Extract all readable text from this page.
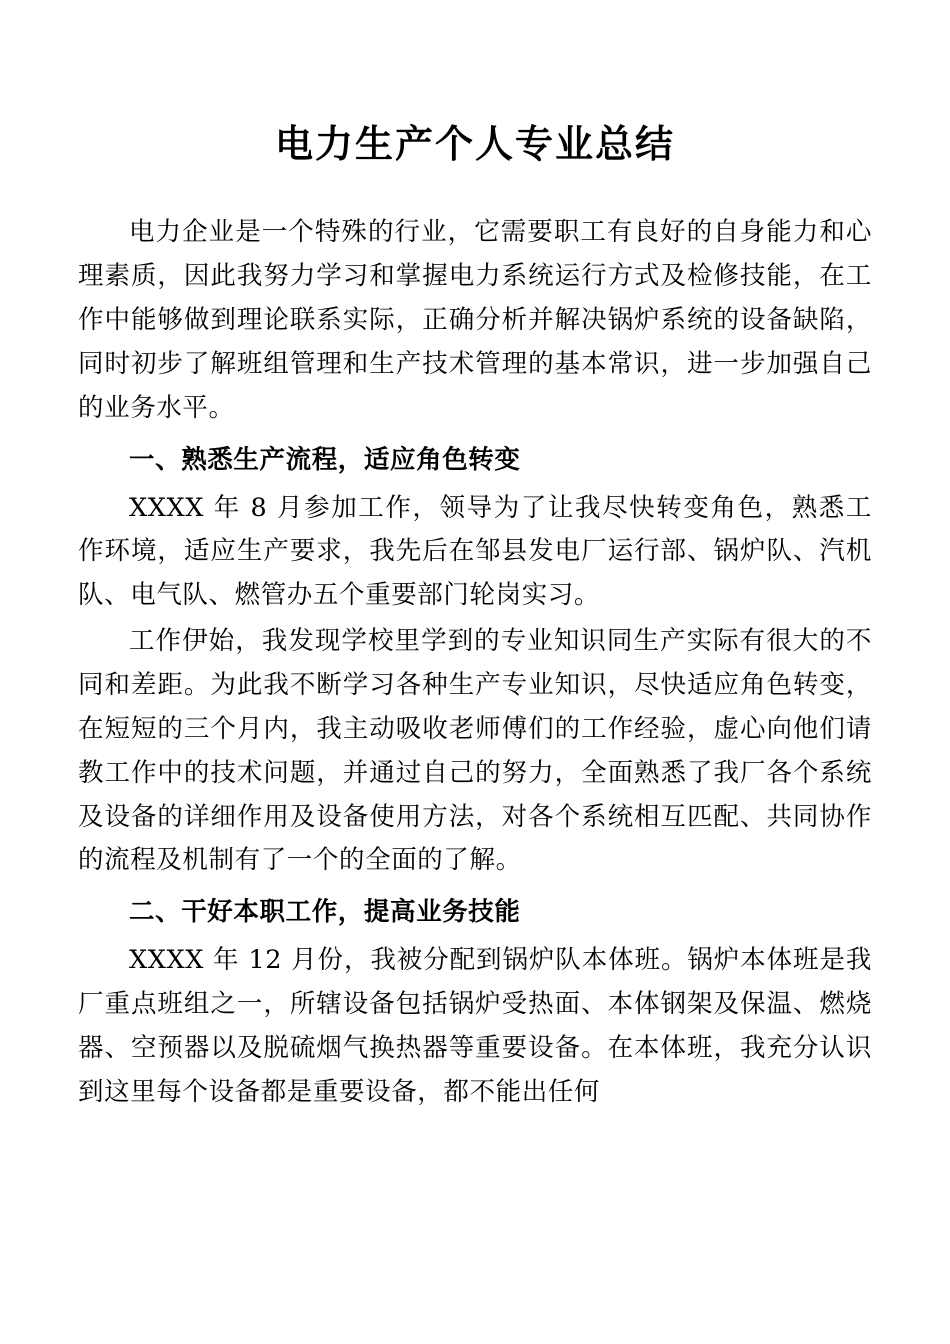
电力生产个人专业总结

电力企业是一个特殊的行业，它需要职工有良好的自身能力和心理素质，因此我努力学习和掌握电力系统运行方式及检修技能，在工作中能够做到理论联系实际，正确分析并解决锅炉系统的设备缺陷，同时初步了解班组管理和生产技术管理的基本常识，进一步加强自己的业务水平。

一、熟悉生产流程，适应角色转变

XXXX 年 8 月参加工作，领导为了让我尽快转变角色，熟悉工作环境，适应生产要求，我先后在邹县发电厂运行部、锅炉队、汽机队、电气队、燃管办五个重要部门轮岗实习。

工作伊始，我发现学校里学到的专业知识同生产实际有很大的不同和差距。为此我不断学习各种生产专业知识，尽快适应角色转变，在短短的三个月内，我主动吸收老师傅们的工作经验，虚心向他们请教工作中的技术问题，并通过自己的努力，全面熟悉了我厂各个系统及设备的详细作用及设备使用方法，对各个系统相互匹配、共同协作的流程及机制有了一个的全面的了解。

二、干好本职工作，提高业务技能

XXXX 年 12 月份，我被分配到锅炉队本体班。锅炉本体班是我厂重点班组之一，所辖设备包括锅炉受热面、本体钢架及保温、燃烧器、空预器以及脱硫烟气换热器等重要设备。在本体班，我充分认识到这里每个设备都是重要设备，都不能出任何
